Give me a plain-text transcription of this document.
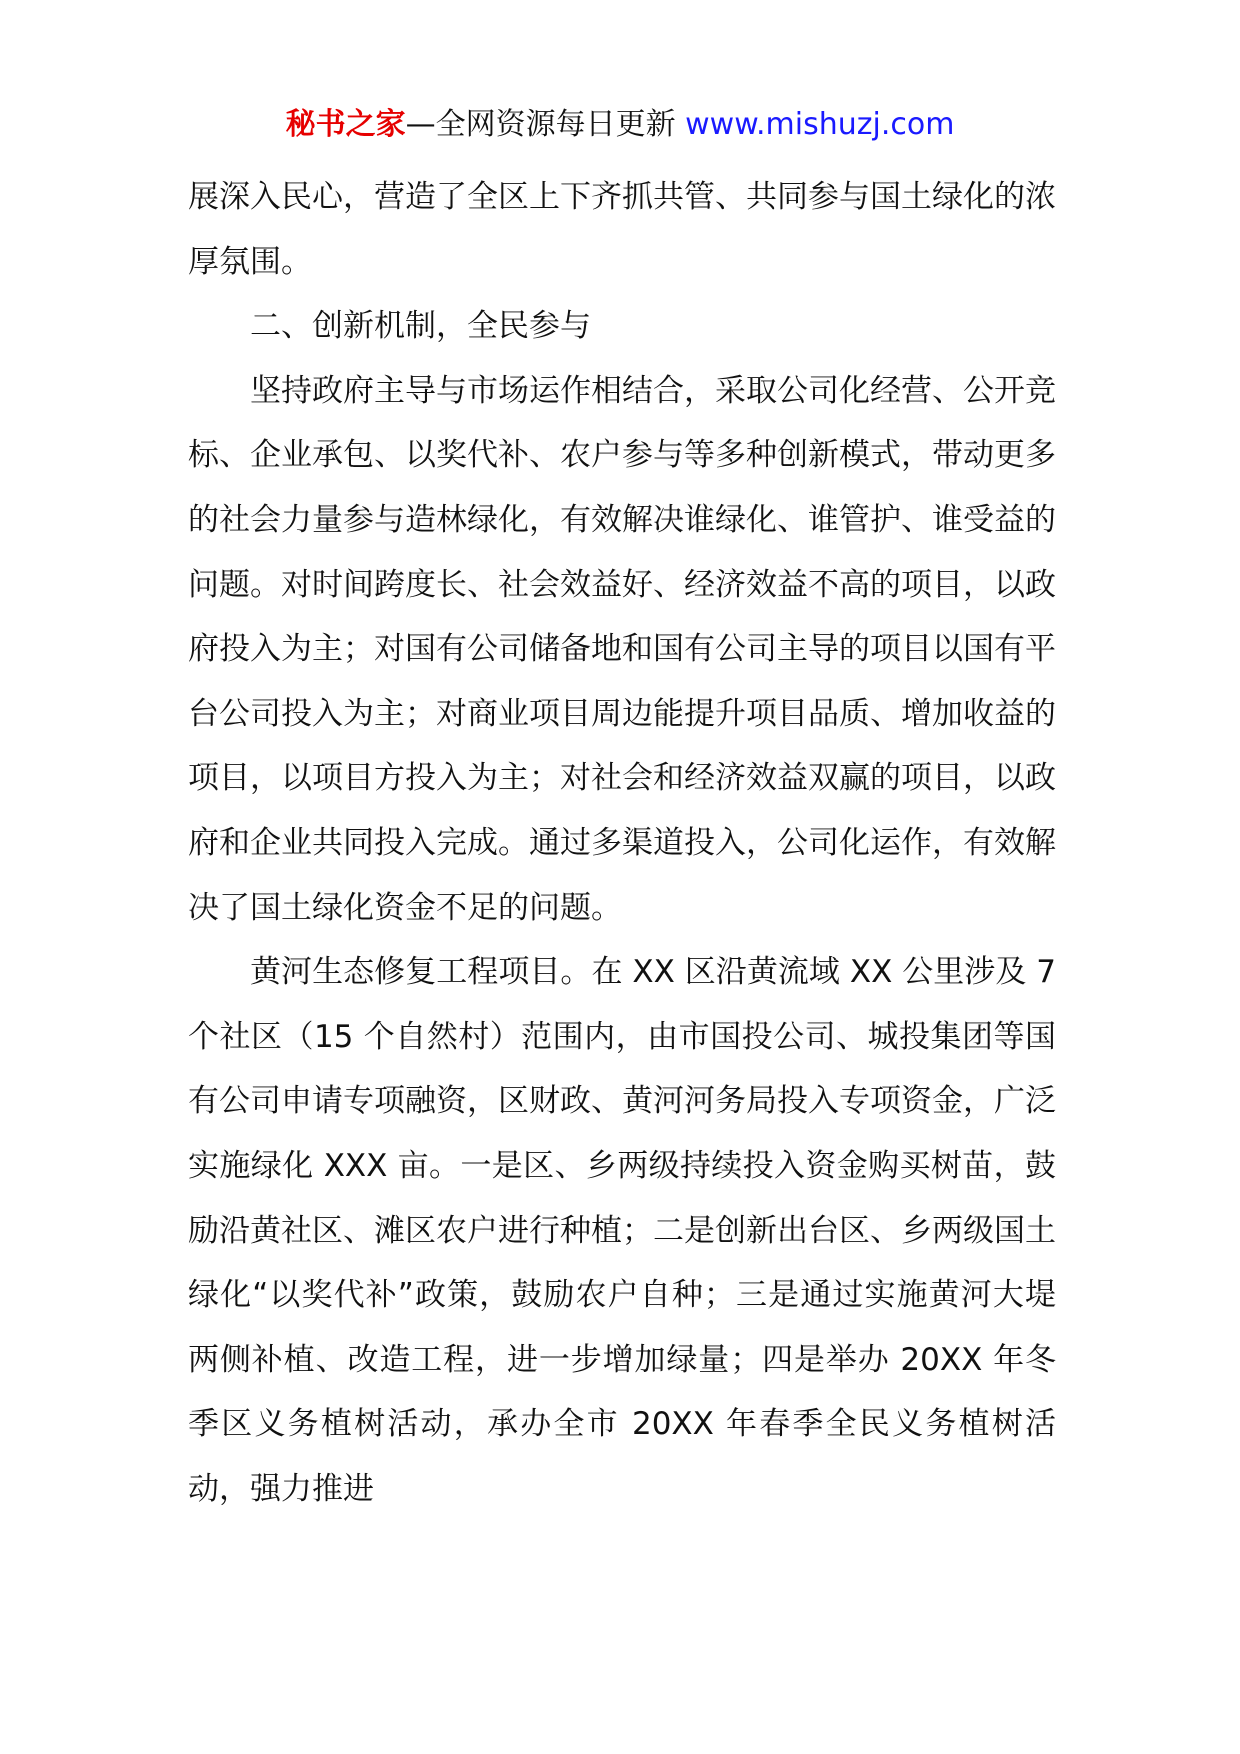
秘书之家—全网资源每日更新 www.mishuzj.com

展深入民心，营造了全区上下齐抓共管、共同参与国土绿化的浓厚氛围。

二、创新机制，全民参与

坚持政府主导与市场运作相结合，采取公司化经营、公开竞标、企业承包、以奖代补、农户参与等多种创新模式，带动更多的社会力量参与造林绿化，有效解决谁绿化、谁管护、谁受益的问题。对时间跨度长、社会效益好、经济效益不高的项目，以政府投入为主；对国有公司储备地和国有公司主导的项目以国有平台公司投入为主；对商业项目周边能提升项目品质、增加收益的项目，以项目方投入为主；对社会和经济效益双赢的项目，以政府和企业共同投入完成。通过多渠道投入，公司化运作，有效解决了国土绿化资金不足的问题。

黄河生态修复工程项目。在 XX 区沿黄流域 XX 公里涉及 7 个社区（15 个自然村）范围内，由市国投公司、城投集团等国有公司申请专项融资，区财政、黄河河务局投入专项资金，广泛实施绿化 XXX 亩。一是区、乡两级持续投入资金购买树苗，鼓励沿黄社区、滩区农户进行种植；二是创新出台区、乡两级国土绿化“以奖代补”政策，鼓励农户自种；三是通过实施黄河大堤两侧补植、改造工程，进一步增加绿量；四是举办 20XX 年冬季区义务植树活动，承办全市 20XX 年春季全民义务植树活动，强力推进
